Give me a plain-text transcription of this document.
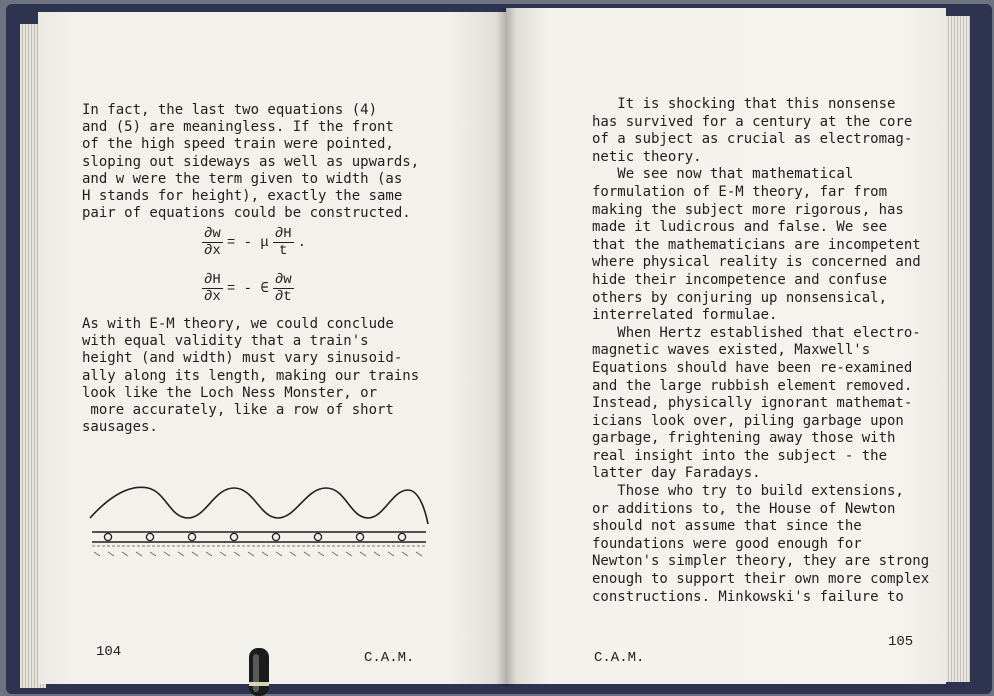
In fact, the last two equations (4)
and (5) are meaningless. If the front
of the high speed train were pointed,
sloping out sideways as well as upwards,
and w were the term given to width (as
H stands for height), exactly the same
pair of equations could be constructed.
$\frac{\partial w}{\partial x}$ = - μ $\frac{\partial H}{t}$ .
$\frac{\partial H}{\partial x}$ = - ∈ $\frac{\partial w}{\partial t}$
As with E-M theory, we could conclude
with equal validity that a train's
height (and width) must vary sinusoid-
ally along its length, making our trains
look like the Loch Ness Monster, or
more accurately, like a row of short
sausages.
104	C.A.M.
It is shocking that this nonsense
has survived for a century at the core
of a subject as crucial as electromag-
netic theory.
We see now that mathematical
formulation of E-M theory, far from
making the subject more rigorous, has
made it ludicrous and false. We see
that the mathematicians are incompetent
where physical reality is concerned and
hide their incompetence and confuse
others by conjuring up nonsensical,
interrelated formulae.
When Hertz established that electro-
magnetic waves existed, Maxwell's
Equations should have been re-examined
and the large rubbish element removed.
Instead, physically ignorant mathemat-
icians look over, piling garbage upon
garbage, frightening away those with
real insight into the subject - the
latter day Faradays.
Those who try to build extensions,
or additions to, the House of Newton
should not assume that since the
foundations were good enough for
Newton's simpler theory, they are strong
enough to support their own more complex
constructions. Minkowski's failure to
C.A.M.
105
